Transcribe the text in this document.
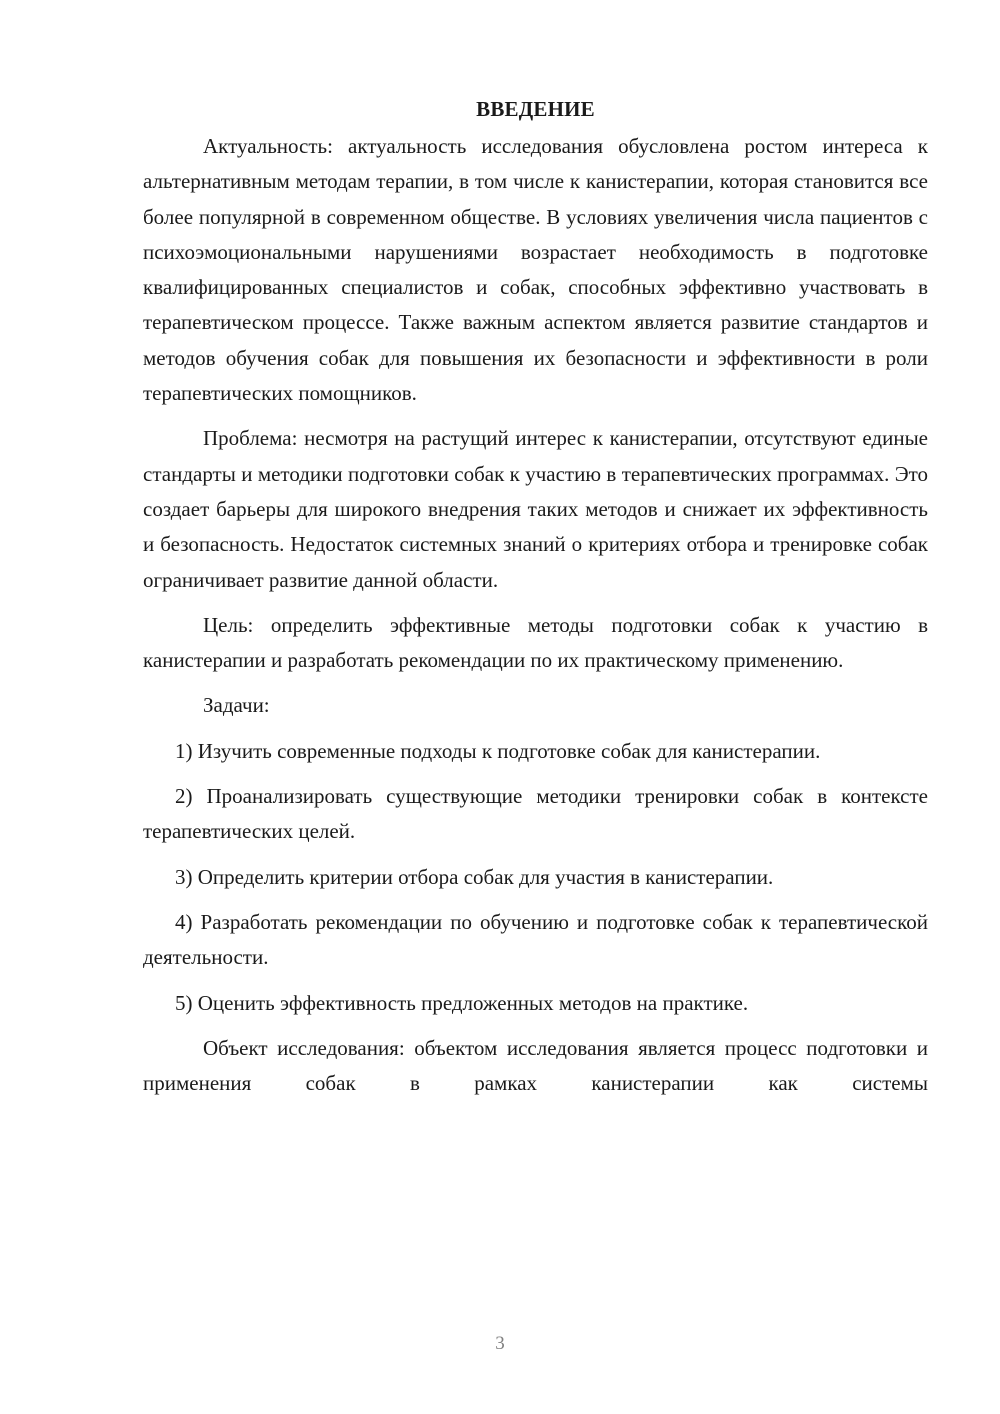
ВВЕДЕНИЕ

Актуальность: актуальность исследования обусловлена ростом интереса к альтернативным методам терапии, в том числе к канистерапии, которая становится все более популярной в современном обществе. В условиях увеличения числа пациентов с психоэмоциональными нарушениями возрастает необходимость в подготовке квалифицированных специалистов и собак, способных эффективно участвовать в терапевтическом процессе. Также важным аспектом является развитие стандартов и методов обучения собак для повышения их безопасности и эффективности в роли терапевтических помощников.

Проблема: несмотря на растущий интерес к канистерапии, отсутствуют единые стандарты и методики подготовки собак к участию в терапевтических программах. Это создает барьеры для широкого внедрения таких методов и снижает их эффективность и безопасность. Недостаток системных знаний о критериях отбора и тренировке собак ограничивает развитие данной области.

Цель: определить эффективные методы подготовки собак к участию в канистерапии и разработать рекомендации по их практическому применению.

Задачи:

1) Изучить современные подходы к подготовке собак для канистерапии.

2) Проанализировать существующие методики тренировки собак в контексте терапевтических целей.

3) Определить критерии отбора собак для участия в канистерапии.

4) Разработать рекомендации по обучению и подготовке собак к терапевтической деятельности.

5) Оценить эффективность предложенных методов на практике.

Объект исследования: объектом исследования является процесс подготовки и применения собак в рамках канистерапии как системы

3
